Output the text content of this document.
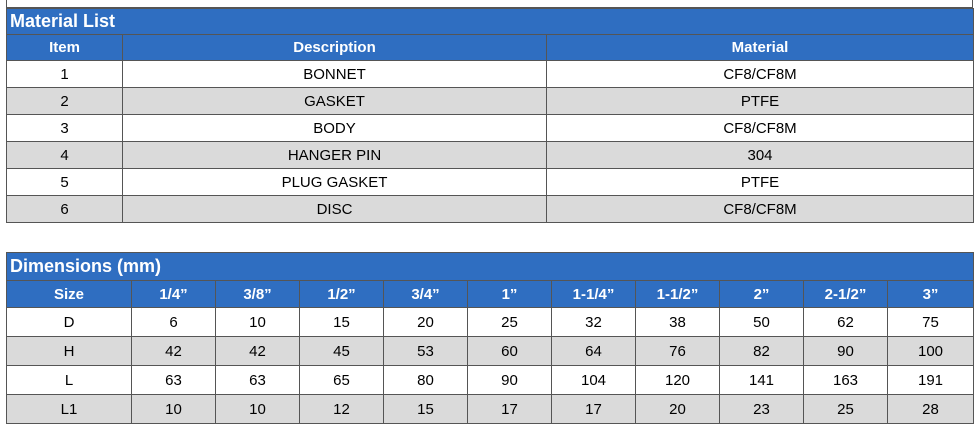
Material List		
Item	Description	Material
1	BONNET	CF8/CF8M
2	GASKET	PTFE
3	BODY	CF8/CF8M
4	HANGER PIN	304
5	PLUG GASKET	PTFE
6	DISC	CF8/CF8M
Dimensions (mm)										
Size	1/4”	3/8”	1/2”	3/4”	1”	1-1/4”	1-1/2”	2”	2-1/2”	3”
D	6	10	15	20	25	32	38	50	62	75
H	42	42	45	53	60	64	76	82	90	100
L	63	63	65	80	90	104	120	141	163	191
L1	10	10	12	15	17	17	20	23	25	28
